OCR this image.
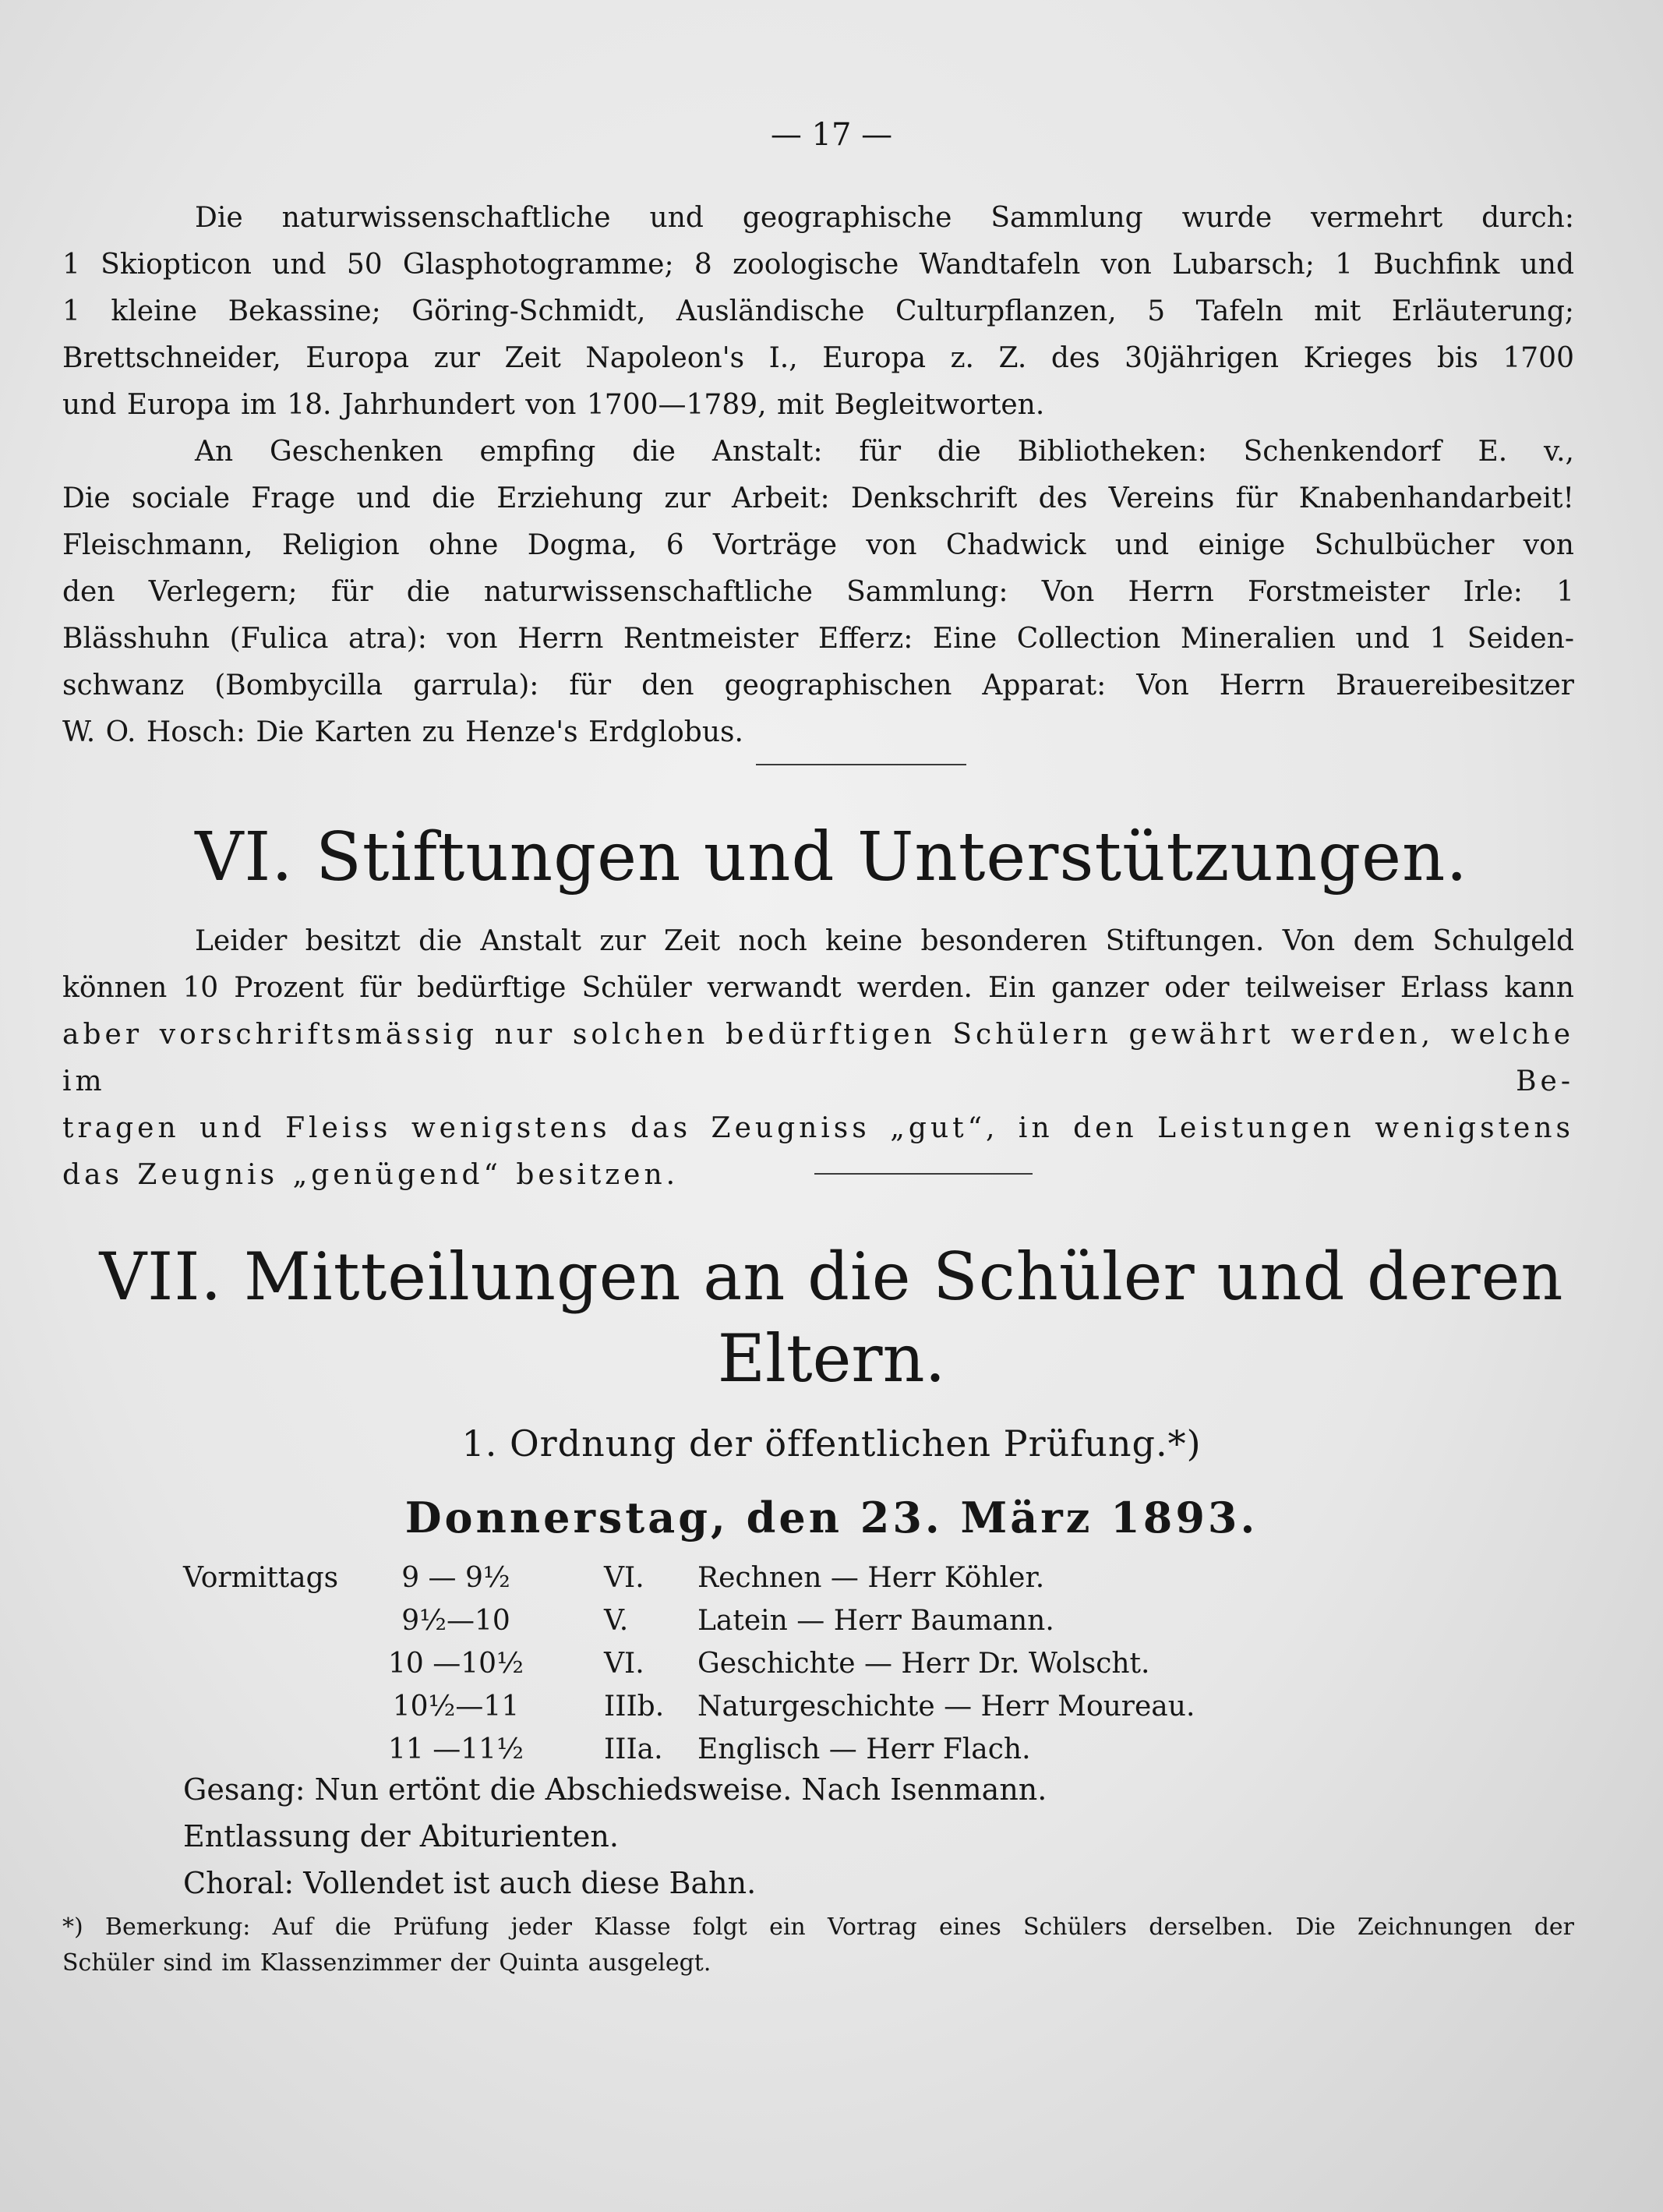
— 17 —

Die naturwissenschaftliche und geographische Sammlung wurde vermehrt durch:

1 Skiopticon und 50 Glasphotogramme; 8 zoologische Wandtafeln von Lubarsch; 1 Buchfink und

1 kleine Bekassine; Göring-Schmidt, Ausländische Culturpflanzen, 5 Tafeln mit Erläuterung;

Brettschneider, Europa zur Zeit Napoleon's I., Europa z. Z. des 30jährigen Krieges bis 1700

und Europa im 18. Jahrhundert von 1700—1789, mit Begleitworten.

An Geschenken empfing die Anstalt: für die Bibliotheken: Schenkendorf E. v.,

Die sociale Frage und die Erziehung zur Arbeit: Denkschrift des Vereins für Knabenhandarbeit!

Fleischmann, Religion ohne Dogma, 6 Vorträge von Chadwick und einige Schulbücher von

den Verlegern; für die naturwissenschaftliche Sammlung: Von Herrn Forstmeister Irle: 1

Blässhuhn (Fulica atra): von Herrn Rentmeister Efferz: Eine Collection Mineralien und 1 Seiden-

schwanz (Bombycilla garrula): für den geographischen Apparat: Von Herrn Brauereibesitzer

W. O. Hosch: Die Karten zu Henze's Erdglobus.

VI. Stiftungen und Unterstützungen.

Leider besitzt die Anstalt zur Zeit noch keine besonderen Stiftungen. Von dem Schulgeld

können 10 Prozent für bedürftige Schüler verwandt werden. Ein ganzer oder teilweiser Erlass kann

aber vorschriftsmässig nur solchen bedürftigen Schülern gewährt werden, welche im Be-

tragen und Fleiss wenigstens das Zeugniss „gut“, in den Leistungen wenigstens

das Zeugnis „genügend“ besitzen.

VII. Mitteilungen an die Schüler und deren
Eltern.
1. Ordnung der öffentlichen Prüfung.*)
Donnerstag, den 23. März 1893.
Vormittags	9 — 9½	VI. Rechnen — Herr Köhler.
9½—10	V. Latein — Herr Baumann.
10 —10½	VI. Geschichte — Herr Dr. Wolscht.
10½—11	IIIb. Naturgeschichte — Herr Moureau.
11 —11½	IIIa. Englisch — Herr Flach.
Gesang: Nun ertönt die Abschiedsweise. Nach Isenmann.
Entlassung der Abiturienten.
Choral: Vollendet ist auch diese Bahn.

*) Bemerkung: Auf die Prüfung jeder Klasse folgt ein Vortrag eines Schülers derselben. Die Zeichnungen der

Schüler sind im Klassenzimmer der Quinta ausgelegt.
